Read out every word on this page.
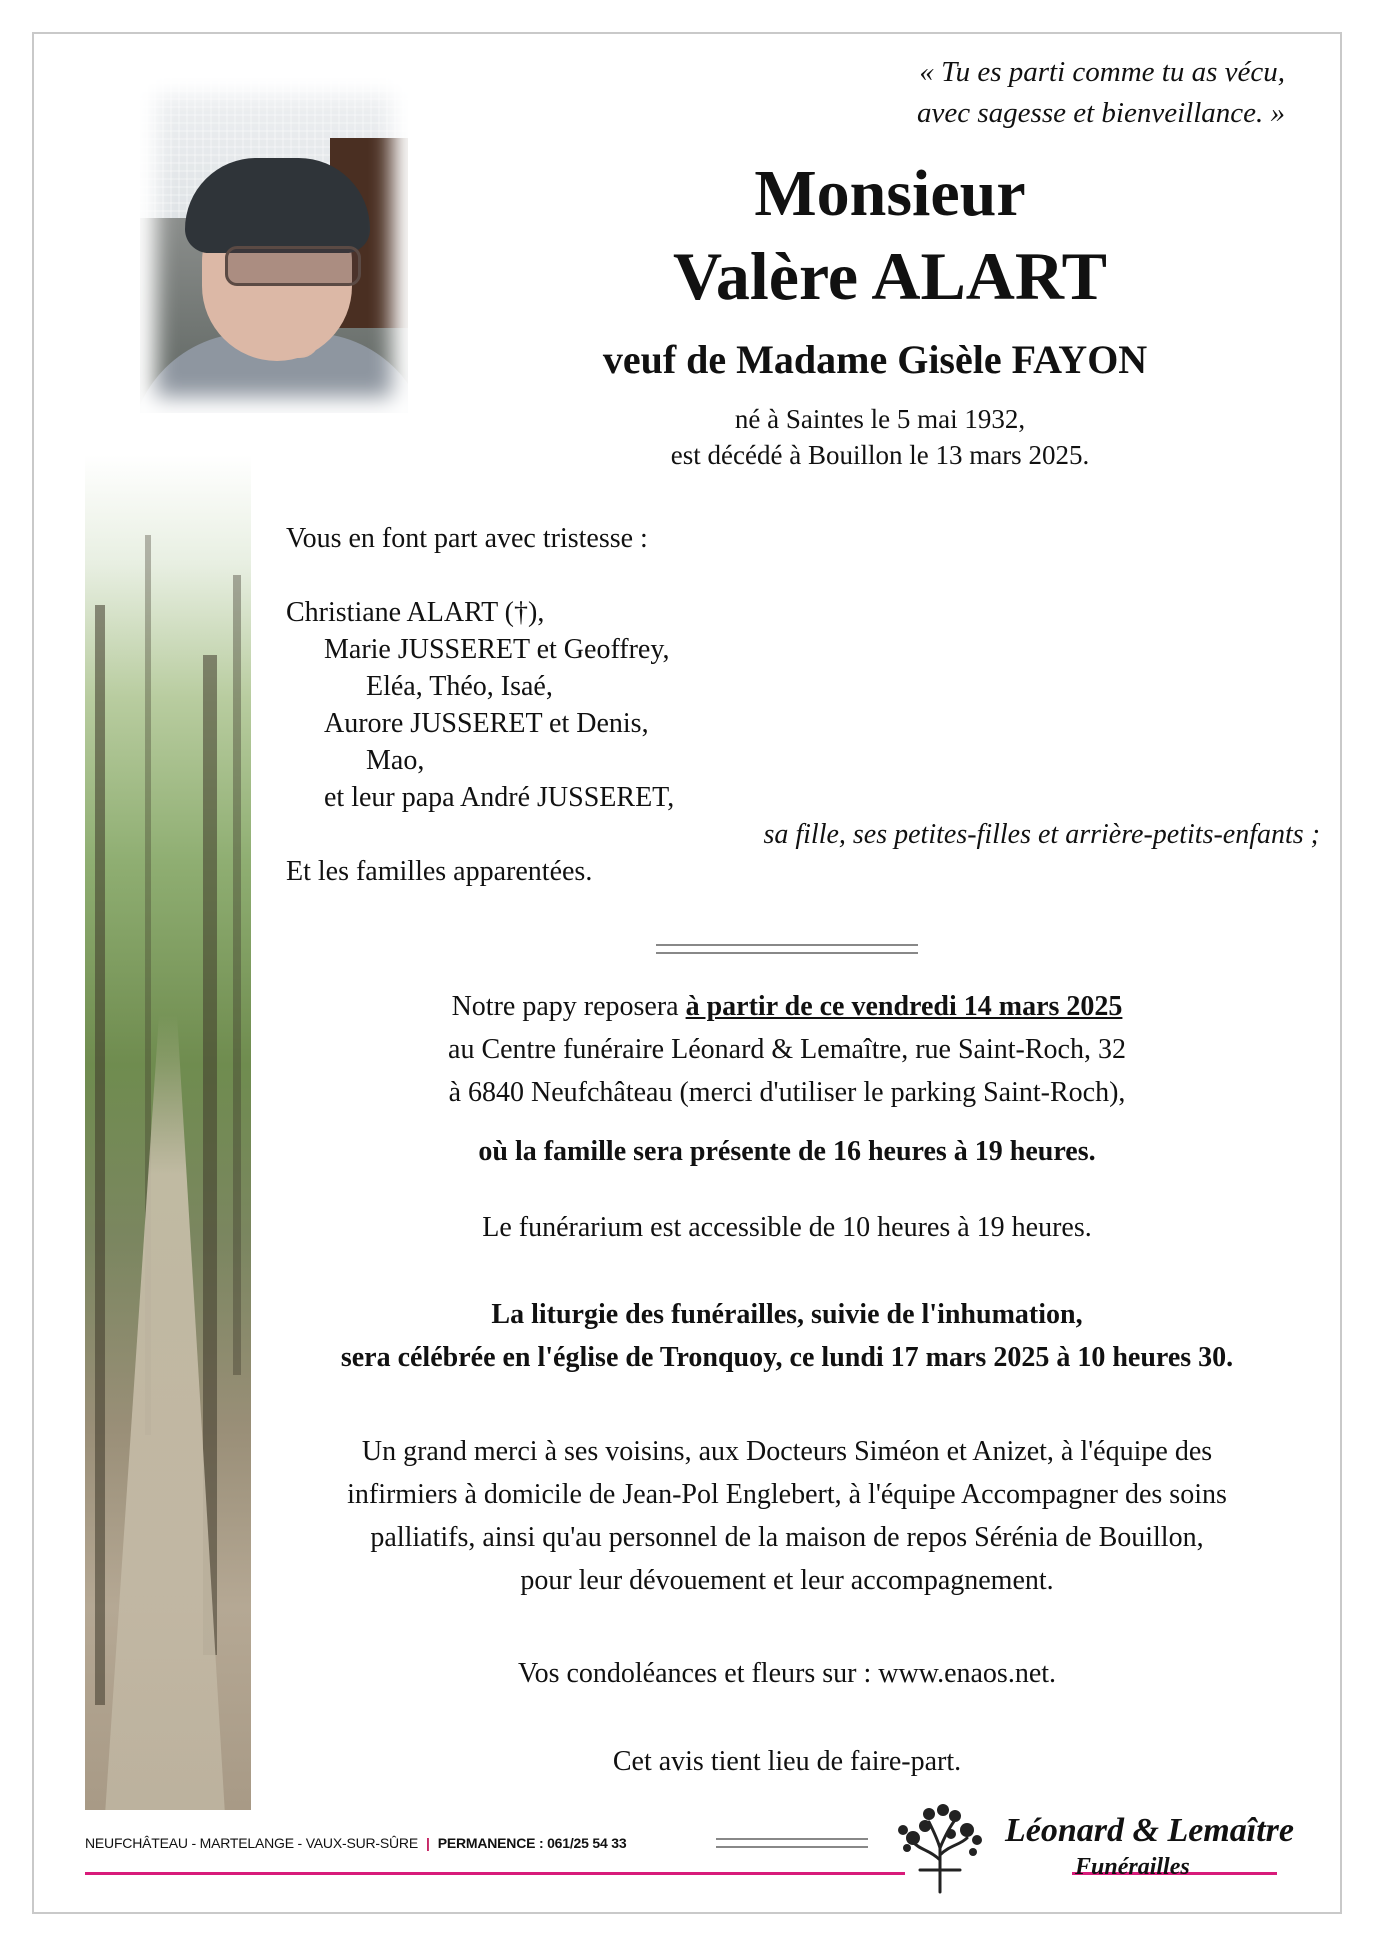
« Tu es parti comme tu as vécu,
avec sagesse et bienveillance. »
Monsieur
Valère ALART
veuf de Madame Gisèle FAYON
né à Saintes le 5 mai 1932,
est décédé à Bouillon le 13 mars 2025.
Vous en font part avec tristesse :
Christiane ALART (†),
Marie JUSSERET et Geoffrey,
Eléa, Théo, Isaé,
Aurore JUSSERET et Denis,
Mao,
et leur papa André JUSSERET,
Et les familles apparentées.
sa fille, ses petites-filles et arrière-petits-enfants ;
Notre papy reposera à partir de ce vendredi 14 mars 2025
au Centre funéraire Léonard & Lemaître, rue Saint-Roch, 32
à 6840 Neufchâteau (merci d'utiliser le parking Saint-Roch),
où la famille sera présente de 16 heures à 19 heures.
Le funérarium est accessible de 10 heures à 19 heures.
La liturgie des funérailles, suivie de l'inhumation,
sera célébrée en l'église de Tronquoy, ce lundi 17 mars 2025 à 10 heures 30.
Un grand merci à ses voisins, aux Docteurs Siméon et Anizet, à l'équipe des
infirmiers à domicile de Jean-Pol Englebert, à l'équipe Accompagner des soins
palliatifs, ainsi qu'au personnel de la maison de repos Sérénia de Bouillon,
pour leur dévouement et leur accompagnement.
Vos condoléances et fleurs sur : www.enaos.net.
Cet avis tient lieu de faire-part.
NEUFCHÂTEAU - MARTELANGE - VAUX-SUR-SÛRE | PERMANENCE : 061/25 54 33	Léonard & Lemaître
Funérailles
